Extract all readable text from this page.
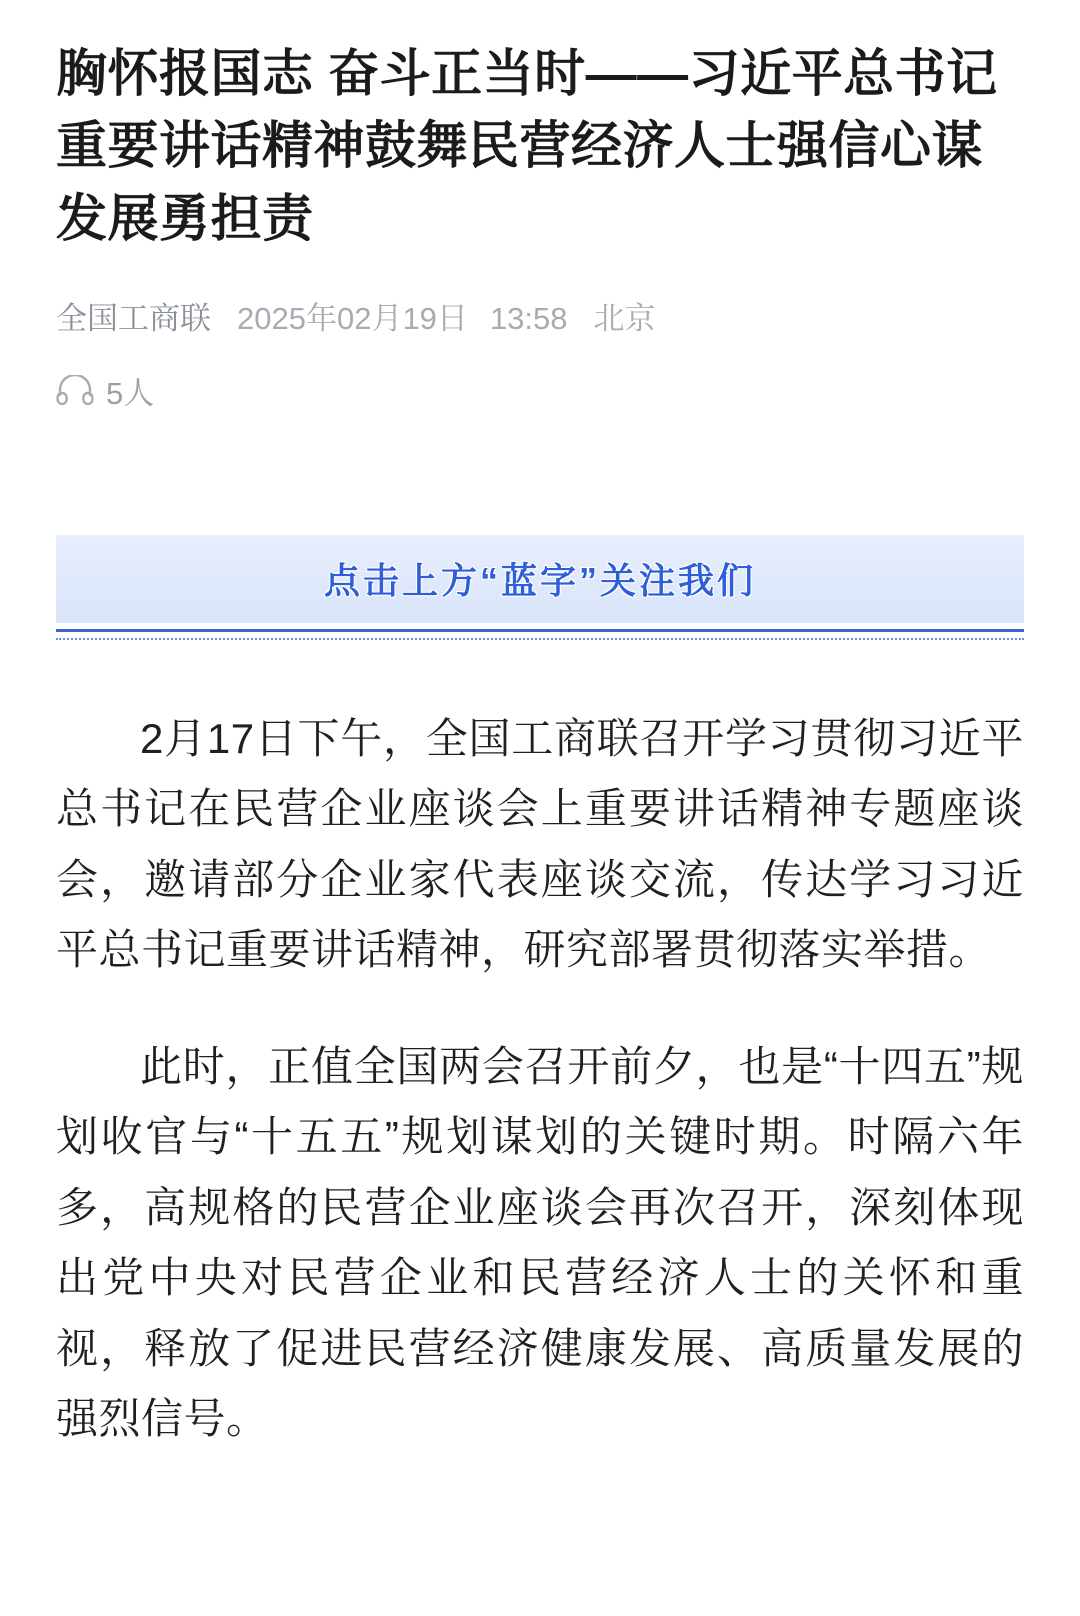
胸怀报国志 奋斗正当时——习近平总书记重要讲话精神鼓舞民营经济人士强信心谋发展勇担责
全国工商联 2025年02月19日 13:58 北京
5人
点击上方“蓝字”关注我们

2月17日下午，全国工商联召开学习贯彻习近平总书记在民营企业座谈会上重要讲话精神专题座谈会，邀请部分企业家代表座谈交流，传达学习习近平总书记重要讲话精神，研究部署贯彻落实举措。

此时，正值全国两会召开前夕，也是“十四五”规划收官与“十五五”规划谋划的关键时期。时隔六年多，高规格的民营企业座谈会再次召开，深刻体现出党中央对民营企业和民营经济人士的关怀和重视，释放了促进民营经济健康发展、高质量发展的强烈信号。
